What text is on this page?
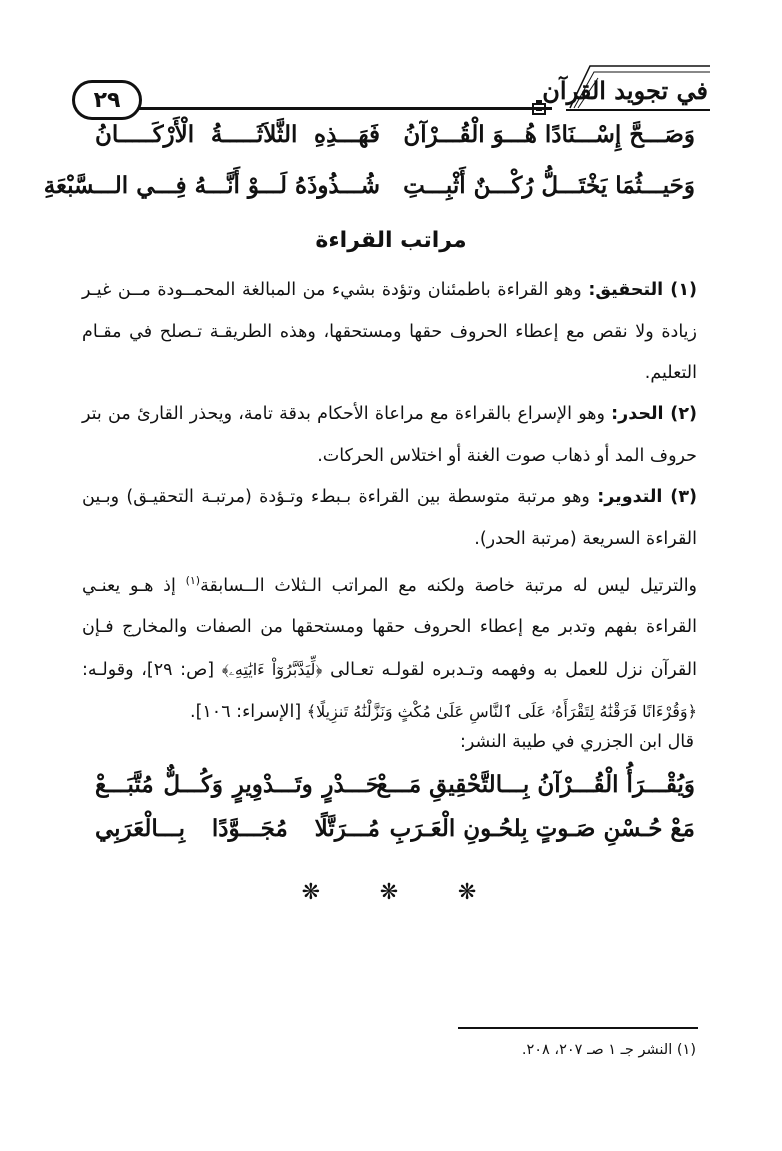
٢٩	في تجويد القرآن
وَصَـــحَّ إِسْـــنَادًا هُـــوَ الْقُـــرْآنُ
فَهَـــذِهِ الثَّلاَثَـــــةُ الْأَرْكَـــــانُ
وَحَيـــثُمَا يَخْتَـــلُّ رُكْـــنٌ أَثْبِـــتِ
شُـــذُوذَهُ لَـــوْ أَنَّـــهُ فِـــي الـــسَّبْعَةِ
مراتب القراءة
(١) التحقيق: وهو القراءة باطمئنان وتؤدة بشيء من المبالغة المحمــودة مــن غيـر زيادة ولا نقص مع إعطاء الحروف حقها ومستحقها، وهذه الطريقـة تـصلح في مقـام التعليم.
(٢) الحدر: وهو الإسراع بالقراءة مع مراعاة الأحكام بدقة تامة، ويحذر القارئ من بتر حروف المد أو ذهاب صوت الغنة أو اختلاس الحركات.
(٣) التدوير: وهو مرتبة متوسطة بين القراءة بـبطء وتـؤدة (مرتبـة التحقيـق) وبـين القراءة السريعة (مرتبة الحدر).
والترتيل ليس له مرتبة خاصة ولكنه مع المراتب الـثلاث الــسابقة$^{(١)}$ إذ هـو يعنـي القراءة بفهم وتدبر مع إعطاء الحروف حقها ومستحقها من الصفات والمخارج فـإن القرآن نزل للعمل به وفهمه وتـدبره لقولـه تعـالى ﴿لِّيَدَّبَّرُوٓاْ ءَايَٰتِهِۦ﴾ [ص: ٢٩]، وقولـه: ﴿وَقُرْءَانًا فَرَقْنَٰهُ لِتَقْرَأَهُۥ عَلَى ٱلنَّاسِ عَلَىٰ مُكْثٍ وَنَزَّلْنَٰهُ تَنزِيلًا﴾ [الإسراء: ١٠٦].
قال ابن الجزري في طيبة النشر:
وَيُقْـــرَأُ الْقُـــرْآنُ بِـــالتَّحْقِيقِ مَـــعْ
حَـــدْرٍ وتَـــدْوِيرٍ وَكُـــلٌّ مُتَّبَـــعْ
مَعْ حُـسْنِ صَـوتٍ بِلحُـونِ الْعَـرَبِ
مُـــرَتَّلًا مُجَـــوَّدًا بِـــالْعَرَبِي
❋ ❋ ❋
(١) النشر جـ ١ صـ ٢٠٧، ٢٠٨.
